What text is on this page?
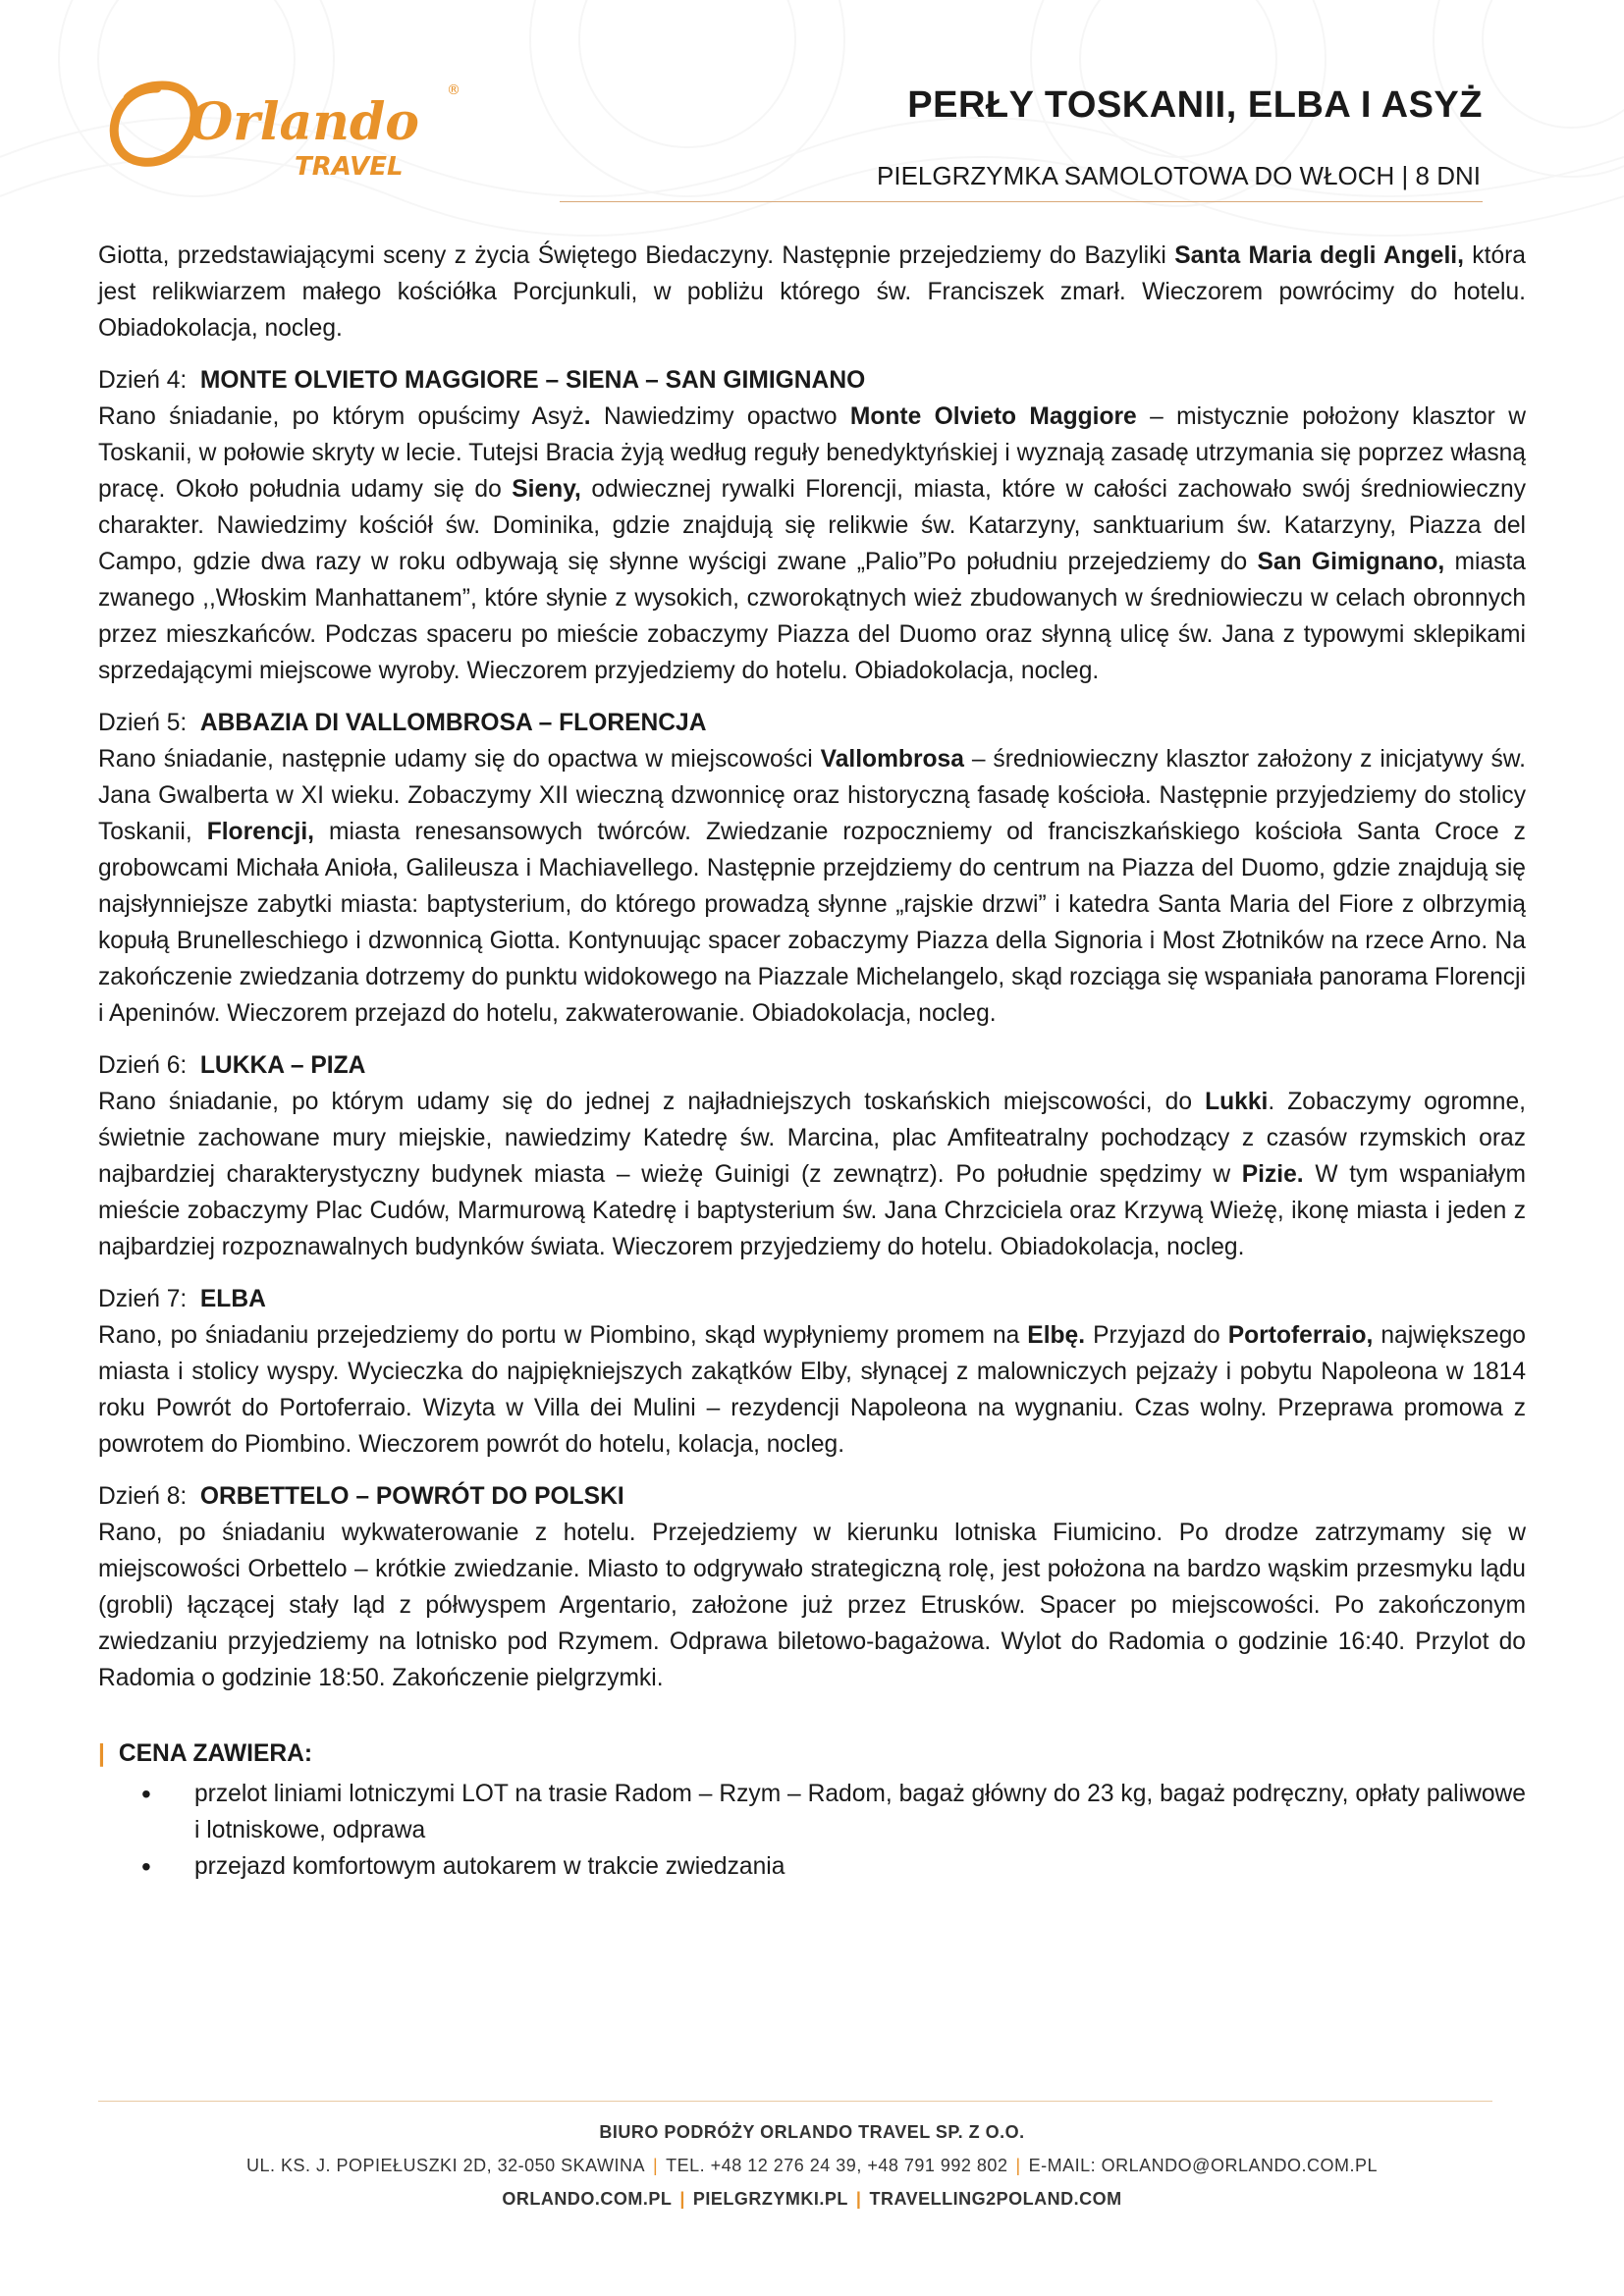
Orlando
®
TRAVEL
PERŁY TOSKANII, ELBA I ASYŻ
PIELGRZYMKA SAMOLOTOWA DO WŁOCH | 8 DNI

Giotta, przedstawiającymi sceny z życia Świętego Biedaczyny. Następnie przejedziemy do Bazyliki Santa Maria degli Angeli, która jest relikwiarzem małego kościółka Porcjunkuli, w pobliżu którego św. Franciszek zmarł. Wieczorem powrócimy do hotelu. Obiadokolacja, nocleg.

Dzień 4: MONTE OLVIETO MAGGIORE – SIENA – SAN GIMIGNANO

Rano śniadanie, po którym opuścimy Asyż. Nawiedzimy opactwo Monte Olvieto Maggiore – mistycznie położony klasztor w Toskanii, w połowie skryty w lecie. Tutejsi Bracia żyją według reguły benedyktyńskiej i wyznają zasadę utrzymania się poprzez własną pracę. Około południa udamy się do Sieny, odwiecznej rywalki Florencji, miasta, które w całości zachowało swój średniowieczny charakter. Nawiedzimy kościół św. Dominika, gdzie znajdują się relikwie św. Katarzyny, sanktuarium św. Katarzyny, Piazza del Campo, gdzie dwa razy w roku odbywają się słynne wyścigi zwane „Palio”Po południu przejedziemy do San Gimignano, miasta zwanego ,,Włoskim Manhattanem”, które słynie z wysokich, czworokątnych wież zbudowanych w średniowieczu w celach obronnych przez mieszkańców. Podczas spaceru po mieście zobaczymy Piazza del Duomo oraz słynną ulicę św. Jana z typowymi sklepikami sprzedającymi miejscowe wyroby. Wieczorem przyjedziemy do hotelu. Obiadokolacja, nocleg.

Dzień 5: ABBAZIA DI VALLOMBROSA – FLORENCJA

Rano śniadanie, następnie udamy się do opactwa w miejscowości Vallombrosa – średniowieczny klasztor założony z inicjatywy św. Jana Gwalberta w XI wieku. Zobaczymy XII wieczną dzwonnicę oraz historyczną fasadę kościoła. Następnie przyjedziemy do stolicy Toskanii, Florencji, miasta renesansowych twórców. Zwiedzanie rozpoczniemy od franciszkańskiego kościoła Santa Croce z grobowcami Michała Anioła, Galileusza i Machiavellego. Następnie przejdziemy do centrum na Piazza del Duomo, gdzie znajdują się najsłynniejsze zabytki miasta: baptysterium, do którego prowadzą słynne „rajskie drzwi” i katedra Santa Maria del Fiore z olbrzymią kopułą Brunelleschiego i dzwonnicą Giotta. Kontynuując spacer zobaczymy Piazza della Signoria i Most Złotników na rzece Arno. Na zakończenie zwiedzania dotrzemy do punktu widokowego na Piazzale Michelangelo, skąd rozciąga się wspaniała panorama Florencji i Apeninów. Wieczorem przejazd do hotelu, zakwaterowanie. Obiadokolacja, nocleg.

Dzień 6: LUKKA – PIZA

Rano śniadanie, po którym udamy się do jednej z najładniejszych toskańskich miejscowości, do Lukki. Zobaczymy ogromne, świetnie zachowane mury miejskie, nawiedzimy Katedrę św. Marcina, plac Amfiteatralny pochodzący z czasów rzymskich oraz najbardziej charakterystyczny budynek miasta – wieżę Guinigi (z zewnątrz). Po południe spędzimy w Pizie. W tym wspaniałym mieście zobaczymy Plac Cudów, Marmurową Katedrę i baptysterium św. Jana Chrzciciela oraz Krzywą Wieżę, ikonę miasta i jeden z najbardziej rozpoznawalnych budynków świata. Wieczorem przyjedziemy do hotelu. Obiadokolacja, nocleg.

Dzień 7: ELBA

Rano, po śniadaniu przejedziemy do portu w Piombino, skąd wypłyniemy promem na Elbę. Przyjazd do Portoferraio, największego miasta i stolicy wyspy. Wycieczka do najpiękniejszych zakątków Elby, słynącej z malowniczych pejzaży i pobytu Napoleona w 1814 roku Powrót do Portoferraio. Wizyta w Villa dei Mulini – rezydencji Napoleona na wygnaniu. Czas wolny. Przeprawa promowa z powrotem do Piombino. Wieczorem powrót do hotelu, kolacja, nocleg.

Dzień 8: ORBETTELO – POWRÓT DO POLSKI

Rano, po śniadaniu wykwaterowanie z hotelu. Przejedziemy w kierunku lotniska Fiumicino. Po drodze zatrzymamy się w miejscowości Orbettelo – krótkie zwiedzanie. Miasto to odgrywało strategiczną rolę, jest położona na bardzo wąskim przesmyku lądu (grobli) łączącej stały ląd z półwyspem Argentario, założone już przez Etrusków. Spacer po miejscowości. Po zakończonym zwiedzaniu przyjedziemy na lotnisko pod Rzymem. Odprawa biletowo-bagażowa. Wylot do Radomia o godzinie 16:40. Przylot do Radomia o godzinie 18:50. Zakończenie pielgrzymki.

| CENA ZAWIERA:
• przelot liniami lotniczymi LOT na trasie Radom – Rzym – Radom, bagaż główny do 23 kg, bagaż podręczny, opłaty paliwowe i lotniskowe, odprawa
• przejazd komfortowym autokarem w trakcie zwiedzania
BIURO PODRÓŻY ORLANDO TRAVEL SP. Z O.O.
UL. KS. J. POPIEŁUSZKI 2D, 32-050 SKAWINA | TEL. +48 12 276 24 39, +48 791 992 802 | E-MAIL: ORLANDO@ORLANDO.COM.PL
ORLANDO.COM.PL | PIELGRZYMKI.PL | TRAVELLING2POLAND.COM
